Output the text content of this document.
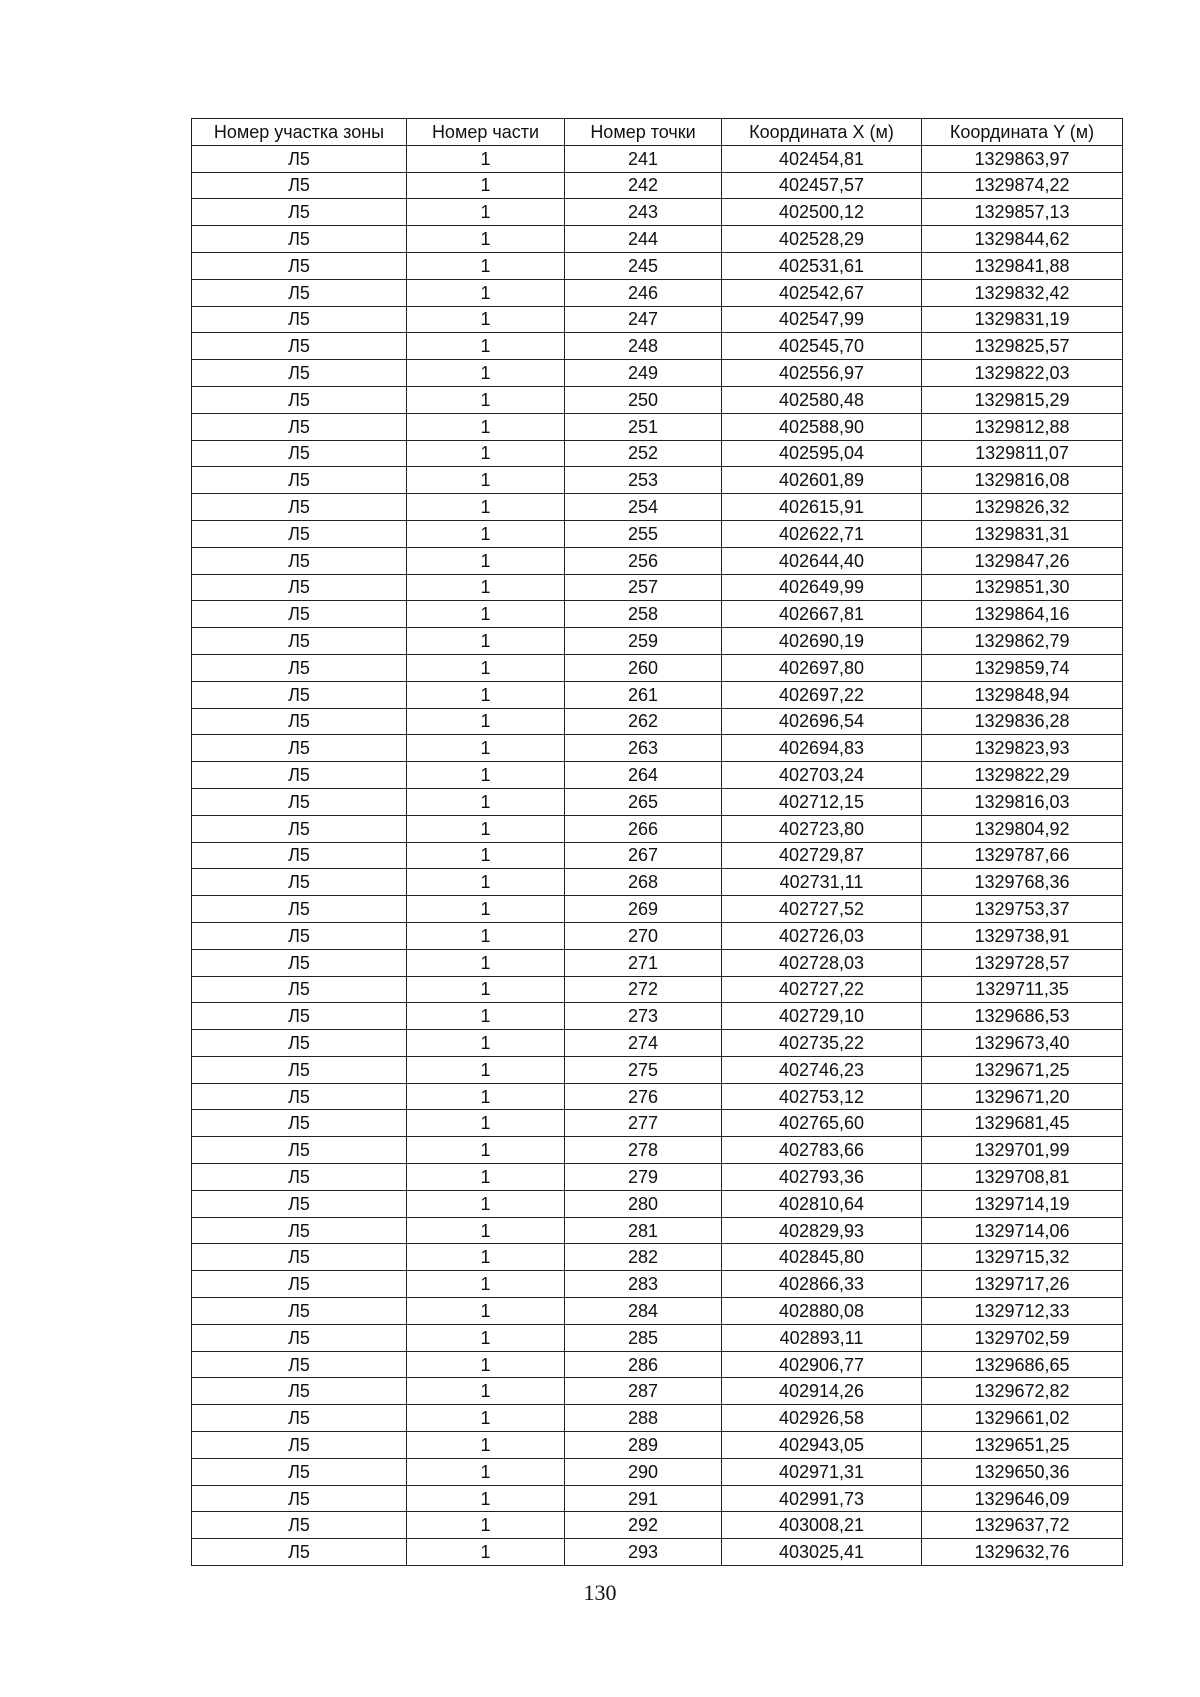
Номер участка зоны	Номер части	Номер точки	Координата X (м)	Координата Y (м)
Л5	1	241	402454,81	1329863,97
Л5	1	242	402457,57	1329874,22
Л5	1	243	402500,12	1329857,13
Л5	1	244	402528,29	1329844,62
Л5	1	245	402531,61	1329841,88
Л5	1	246	402542,67	1329832,42
Л5	1	247	402547,99	1329831,19
Л5	1	248	402545,70	1329825,57
Л5	1	249	402556,97	1329822,03
Л5	1	250	402580,48	1329815,29
Л5	1	251	402588,90	1329812,88
Л5	1	252	402595,04	1329811,07
Л5	1	253	402601,89	1329816,08
Л5	1	254	402615,91	1329826,32
Л5	1	255	402622,71	1329831,31
Л5	1	256	402644,40	1329847,26
Л5	1	257	402649,99	1329851,30
Л5	1	258	402667,81	1329864,16
Л5	1	259	402690,19	1329862,79
Л5	1	260	402697,80	1329859,74
Л5	1	261	402697,22	1329848,94
Л5	1	262	402696,54	1329836,28
Л5	1	263	402694,83	1329823,93
Л5	1	264	402703,24	1329822,29
Л5	1	265	402712,15	1329816,03
Л5	1	266	402723,80	1329804,92
Л5	1	267	402729,87	1329787,66
Л5	1	268	402731,11	1329768,36
Л5	1	269	402727,52	1329753,37
Л5	1	270	402726,03	1329738,91
Л5	1	271	402728,03	1329728,57
Л5	1	272	402727,22	1329711,35
Л5	1	273	402729,10	1329686,53
Л5	1	274	402735,22	1329673,40
Л5	1	275	402746,23	1329671,25
Л5	1	276	402753,12	1329671,20
Л5	1	277	402765,60	1329681,45
Л5	1	278	402783,66	1329701,99
Л5	1	279	402793,36	1329708,81
Л5	1	280	402810,64	1329714,19
Л5	1	281	402829,93	1329714,06
Л5	1	282	402845,80	1329715,32
Л5	1	283	402866,33	1329717,26
Л5	1	284	402880,08	1329712,33
Л5	1	285	402893,11	1329702,59
Л5	1	286	402906,77	1329686,65
Л5	1	287	402914,26	1329672,82
Л5	1	288	402926,58	1329661,02
Л5	1	289	402943,05	1329651,25
Л5	1	290	402971,31	1329650,36
Л5	1	291	402991,73	1329646,09
Л5	1	292	403008,21	1329637,72
Л5	1	293	403025,41	1329632,76
130
